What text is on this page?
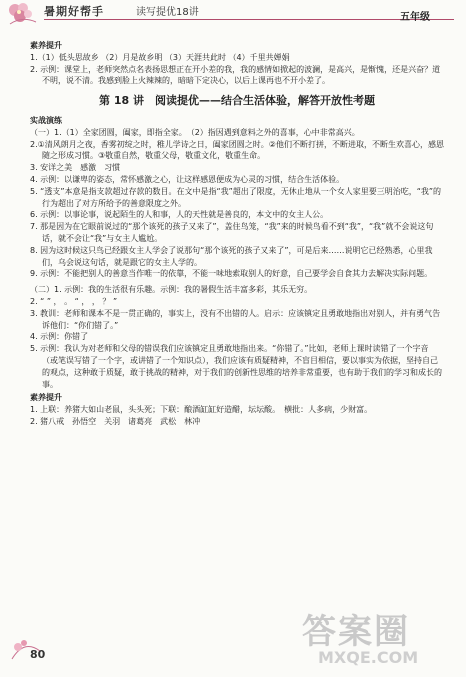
暑期好帮手	读写提优18讲	五年级

素养提升

1.（1）低头思故乡 （2）月是故乡明 （3）天涯共此时 （4）千里共婵娟

2. 示例：课堂上，老师突然点名表扬思想正在开小差的我，我的感情如掀起的波澜，是高兴，是惭愧，还是兴奋？道不明，说不清。我感到脸上火辣辣的，暗暗下定决心，以后上课再也不开小差了。

第 18 讲　阅读提优——结合生活体验，解答开放性考题

实战演练

（一）1.（1）全家团圆，阖家，即指全家。　（2）指因遇到意料之外的喜事，心中非常高兴。

2.①清风朗月之夜，香雾初绽之时，稚儿学诗之日，阖家团圆之时。②他们不断打拼，不断进取，不断生欢喜心，感恩随之形成习惯。③敬重自然，敬重父母，敬重文化，敬重生命。

3. 安详之美　感激　习惯

4. 示例：以谦卑的姿态，常怀感激之心，让这样感恩便成为心灵的习惯，结合生活体验。

5. “透支”本意是指支款超过存款的数目。在文中是指“我”超出了限度，无休止地从一个女人家里要三明治吃，“我”的行为超出了对方所给予的善意限度之外。

6. 示例：以事论事，说起陌生的人和事，人的天性就是善良的，本文中的女主人公。

7. 那是因为在它眼前说过的“那个该死的孩子又来了”，盖住鸟笼，“我”来的时候鸟看不到“我”，“我”就不会说这句话，就不会让“我”与女主人尴尬。

8. 因为这时候这只鸟已经跟女主人学会了说那句“那个该死的孩子又来了”，可是后来……说明它已经熟悉，心里我们，乌会说这句话，就是跟它的女主人学的。

9. 示例：不能把别人的善意当作唯一的依靠，不能一味地索取别人的好意，自己要学会自食其力去解决实际问题。

（二）1. 示例：我的生活很有乐趣。示例：我的暑假生活丰富多彩，其乐无穷。

2. “ ” ， 。 “ ， ， ？ ”

3. 教训：老师和课本不是一贯正确的，事实上，没有不出错的人。启示：应该镇定且勇敢地指出对别人，并有勇气告诉他们：“你们错了。”

4. 示例：你错了

5. 示例：我认为对老师和父母的错误我们应该镇定且勇敢地指出来。“你错了。”比如，老师上课时读错了一个字音（或笔误写错了一个字，或讲错了一个知识点），我们应该有质疑精神，不盲目相信，要以事实为依据，坚持自己的观点，这种敢于质疑，敢于挑战的精神，对于我们的创新性思维的培养非常重要，也有助于我们的学习和成长的事。

素养提升

1. 上联：养猪大如山老鼠，头头死；下联：酿酒缸缸好造醋，坛坛酸。　横批：人多病，少财富。

2. 猪八戒　孙悟空　关羽　诸葛亮　武松　林冲

80
答案圈
MXQE.COM
